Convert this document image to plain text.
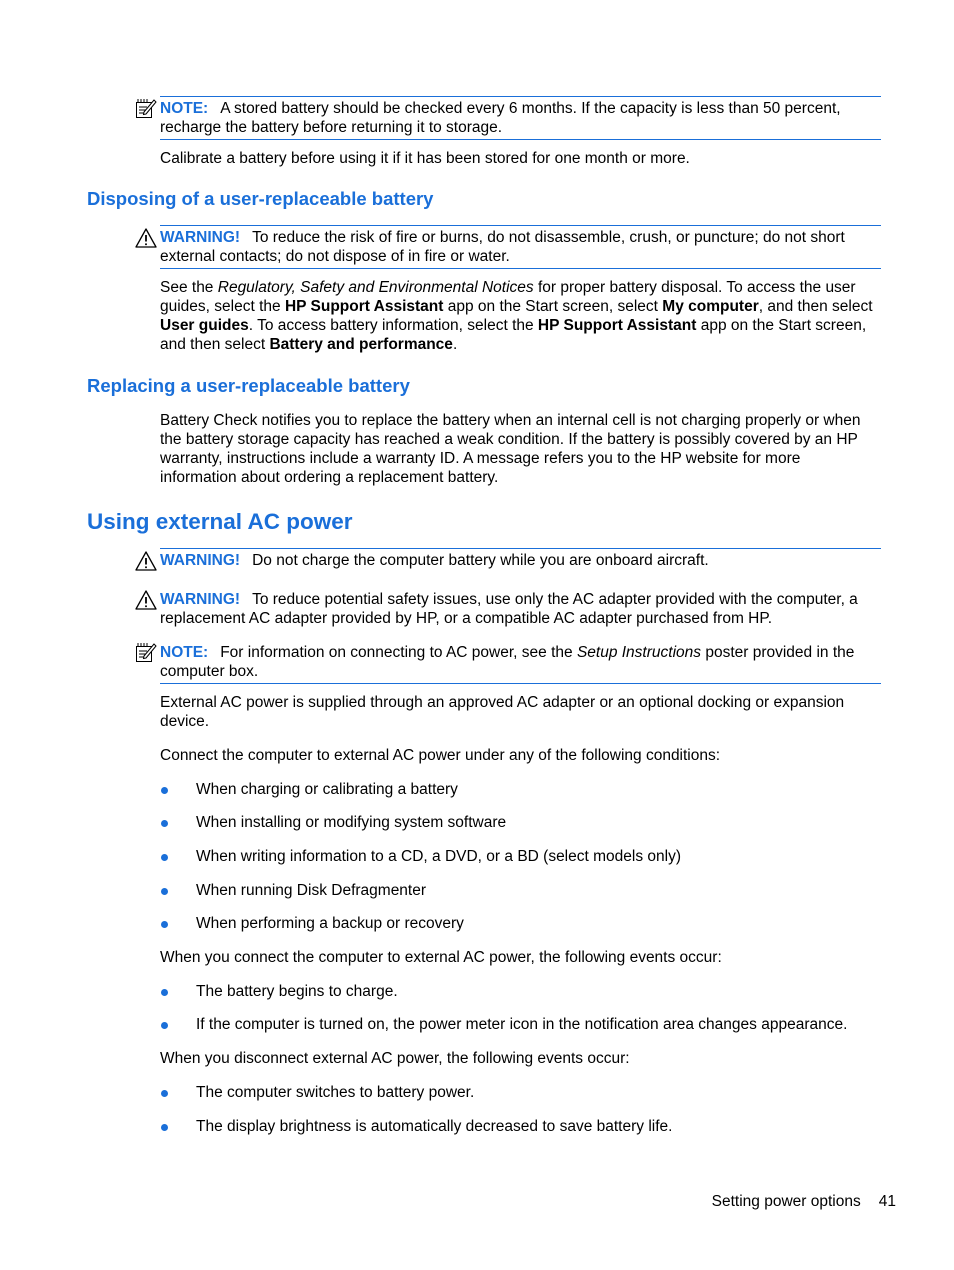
NOTE: A stored battery should be checked every 6 months. If the capacity is less than 50 percent, recharge the battery before returning it to storage.

Calibrate a battery before using it if it has been stored for one month or more.

Disposing of a user-replaceable battery
WARNING! To reduce the risk of fire or burns, do not disassemble, crush, or puncture; do not short external contacts; do not dispose of in fire or water.

See the Regulatory, Safety and Environmental Notices for proper battery disposal. To access the user guides, select the HP Support Assistant app on the Start screen, select My computer, and then select User guides. To access battery information, select the HP Support Assistant app on the Start screen, and then select Battery and performance.

Replacing a user-replaceable battery

Battery Check notifies you to replace the battery when an internal cell is not charging properly or when the battery storage capacity has reached a weak condition. If the battery is possibly covered by an HP warranty, instructions include a warranty ID. A message refers you to the HP website for more information about ordering a replacement battery.

Using external AC power
WARNING! Do not charge the computer battery while you are onboard aircraft.
WARNING! To reduce potential safety issues, use only the AC adapter provided with the computer, a replacement AC adapter provided by HP, or a compatible AC adapter purchased from HP.
NOTE: For information on connecting to AC power, see the Setup Instructions poster provided in the computer box.

External AC power is supplied through an approved AC adapter or an optional docking or expansion device.

Connect the computer to external AC power under any of the following conditions:

When charging or calibrating a battery
When installing or modifying system software
When writing information to a CD, a DVD, or a BD (select models only)
When running Disk Defragmenter
When performing a backup or recovery

When you connect the computer to external AC power, the following events occur:

The battery begins to charge.
If the computer is turned on, the power meter icon in the notification area changes appearance.

When you disconnect external AC power, the following events occur:

The computer switches to battery power.
The display brightness is automatically decreased to save battery life.
Setting power options 41
